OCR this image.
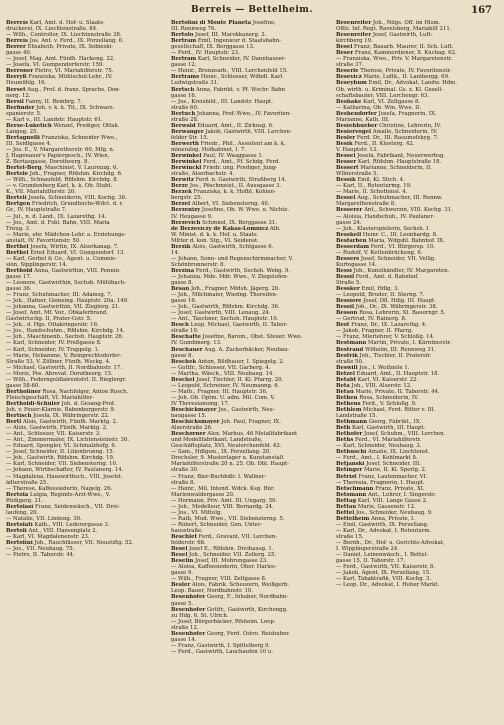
Berreis — Bettelheim.	167
Berreis Karl, Amt. d. Hof- u. Staats-
druckerei, IX. Liechtenstraße. 84.
— Wilh., Controllor, IX. Liechtenstraße 38.
Berreis Jos. Ant. v. Ferd., IX. Porzellang. 6.
Berrer Elisabeth, Private, IX. Sobieski-
gasse 40.
— Josef, Mag. Amt. Fünfh. Hackeng. 22.
— Josefa, VI. Gumpendorferstr. 159.
Berroner Pietro, VI. Mariahilferstr. 75.
Berryß Franziska, Mühlschul-Lehr., IV.
Heumühlg. 16.
Berset Aug., Prof. d. franz. Sprache, Don-
nerg. 12.
Bersil Fanny, II. Rembrg. 7.
Berfinder Joh. v. k. k. Tit., IX. Schwarz-
spanierstr. 5.
— Karl v., III. Landstr. Hauptstr. 61.
Berse-Luketich Wenzel, Prediger, Ottak.
Langeg. 25.
Bertagnolli Franziska, Schneider Wwe.,
III. Seidlgasse 4.
— Jos. E., V. Margaretherstr. 60, Mfg. n.
J. Hagenauer's Papiergesch., IV. Wien,
Z. Bertasgasse, Dorotheerg. 8.
Bertel-Berg, Maschinist, V. Laurenzg. 6.
Bertele Joh., Fragner, Rfdshm. Kirchdg. 6.
— Wilh., Schnaufeld, Rfdshm. Kirchdg. 8.
— v. Grundenberg Karl, k. k. Ob. Stabt.
K., VII. Mariahilferstr. 20.
Berteli Josefa, Schneiderin, VIII. Kochg. 36.
Bertgen Friedrich, Grundbuchs-Wdct. d. r.
Gr., IV. Hauptstraße 7.
— Jul., n. d. Land., IX. Lazarethg. 14.
— Jos., Amt. d. Fsbl. Bahn, VIII. Maria
Treug. 3.
— Marie, ehr. Mädchen-Lehr. a. Erziehungs-
anstalt, IV. Favoritenstr. 50.
Berthel Josefa, Wirtin, IX. Alserkanag. 7.
Berthel Ernst Eduard, VI. Gumpendorf. 13.
— Karl, Gerbel & Co., Agent. u. Commis-
sion, Sipplingerstr. 14.
Berthold Anna, Gastwirthin, VIII. Pennin-
gasse 17.
— Leonore, Gastwirthin, Sechsh. Mühlbach-
gasse 36.
— Franz, Schuhmacher, III. Adamsg. 7.
— Joh., Hafner, Gemeing. Hauptstr. 20a. 149.
— Johanna, Gastwirthin, VII. Zieglerg. 21.
— Josef, Amt. Mf. Vor., Obkaferbrand.
Gastwirtschg. II, Prater-Gstr. 5.
— Joh., d. Hgs. Ottakringerstr. 16.
— Jos., Handschuhm., Rfdshm. Kirchdg. 14.
— Joh., Maschinenb., Sechsh. Hauptstr. 26.
— Karl, Schneider, IV. Preßgasse 8.
— Karl, Schneider, IV. Trappelg. 1.
— Marie, Hebamme, V. Reinprechtsdorfer-
Straße 53, V. Zöllner, Fünfh. Wsckg. 4.
— Michael, Gastwirth, II. Nordbahnstr. 17.
— Moriz, Pos. Abrevat. Dorotheerg. 15.
— Wilh., Federngeldlairentstrl. II. Rieglergr.
gasse 58-60.
Bertholiner Rosa, Nachfolger, Anton Rosch,
Fleischgeschäft, VI. Mariahilfer-
Bertholdi-Schüler Joh. d. Gesang-Prof.
Joh. v. Feuer-Klarnie, Babenbergerstr. 9.
Bertisch Josefa, IX. Währingerstr. 22.
Bertl Alois, Gastwirth, Fünfh. Marktg. 2.
— Alois, Gastwirth, Fünfh. Marktg. 2.
— Ant., Schlosser, VII. Kaiserstr. 3.
— Ant., Zimmermaler, IX. Lichtensteinstr. 30.
— Eduard, Spengler, VI. Schmalzhofg. 6.
— Josef, Schneider, II. Lilienbrunng. 15.
— Joh., Gastwirth, Rfdshm. Kirchdg. 19.
— Karl, Schneider, VII. Siebensterng. 10.
— Johann, Wirthschafter, IV. Paulanerg. 14.
— Magdalena, Hauswirthsch., VIII. Josefst.
ädterstraße 25.
— Therese, Kaffeesiederin, Nagelg. 26.
Bertola Luigia, Regimts-Arzt-Wwe., V.
Rüdigerg. 21.
Bertolasi Franz, Seidenwäsch., VII. Drei-
laufeng. 20.
— Natalie, VII. Lindeng. 30.
Bertolati Kath., VIII. Lederergasse 3.
Bertoli Ant., VIII. Hansenplatz 2.
— Karl, VI. Magdalenenstr. 23.
Bertolini Joh., Rauchfässer, VII. Neustiftg. 52.
— Jos., VII. Neubaug. 75.
— Pietro, II. Taborstr. 44.
Bertolini di Monte Planeta Josefine,
III. Rennweg 76.
Bertolo Josef, III. Marokkanerg. 3.
Bertram Emil, Ingenieur d. Staatsbahn-
gesellschaft, IX. Berggasse 13.
— Ferd., IV. Hauptstr. 23.
Bertram Karl, Schneider, IV. Dannhauser-
gasse 12.
— Heinr., Bronzearb., VIII. Lerchenfeld 15.
Bertrams Heinr., Schlosser, Wdbdl. Karl.
Ludwigstraße 31.
Bertsch Anna, Fabrikt. v. Pf. Wschr. Bahn
gasse 16.
— Jos., Kreisbild., III. Landstr. Haupt.
straße 60.
Bertuch Johanna, Prof.-Wwe., IV. Favoriten-
straße 28.
Berwald Eduard, Amt., II. Zirkusg. 6.
Berwanger Jakob, Gastwirth, VIII. Lerchen-
felder Str. 15.
Berwerth Friedr., Phil., Assistent am k. k.
mineralog. Hofkabinet, I. 7.
Berwinkel Paul, IV. Waaggasse 1.
Berwinkel Ferd., Amt., Pf. Schdg. Ferd.
Berwinckl Friedr. ung. Prediger, Jung-
straße, Alserbachstr. 4.
Berwitz Ferd. n. Gastwirth, Straßberg 14.
Berze Jos., Pöschmeist., II. Aussgasse 3.
Berzek Franziska, k. k. Hofbl. Kohlen-
bergstr. 25.
Berzel Albert, VI. Siebensterng. 40.
Berzenizy Josefine, Ob. W. Wwe. u. Nichte.
IV. Heugasse 9.
Berzevich Schmied, IX. Berggasse 31.
de Berzeviczy de Kakas-Lomnicz Alb.
W. Minist. d. k. k. Hof. u. Staats.
Mitter d. kon. Stg., VI. Seidenst.
Berzik Alois, Gastwirth, Schtgasse 6.
14.
— Johann, Sonn- und Regenschirmmacher, V.
Schönbrunnerstr. 8.
Berzina Ferd., Gastwirth, Sechsh. Webg. 9.
— Johanna, Mde. Mdr. Wwe., V. Ziegelofen-
gasse 8.
Besan Joh., Fragner, Mfdsh. Jägerg. 20.
— Joh., Milchmaier, Wiedng. Thereifen-
gasse 16.
— Joh., Gastwirth, Rfdshm. Kirchdg. 36.
— Josef, Gastwirth, VIII. Lenaug. 24.
— Ant., Taschner, Sechsh. Hauptstr. 10.
Besch Leop. Michael, Gastwirth, II. Tabor-
straße 19.
Beschatte Josefine, Barom., Obst. Steuer. Wwe.
IV. Gumbmerg. 13.
Beschauer Aug. A. Zuckerbäcker, Neubau-
gasse 8.
Beschek Anton, Bildhauer, I. Spiegelg. 2.
— Gottfr., Schlosser, VII. Garberg. 4.
— Martha, Wäsch., VIII. Neubaug. 14.
Beschel Josef, Tischler, II. Kl. Pfarrg. 20.
— Leopold, Schreiner, IV. Neumanng. 6.
— Math., Fragner, III. Hauptstr. 36.
— Joh. Ob. Optm. U. adm. Mil. Com. V.
IV Theresianumg. 17.
Beschickmayer Jos., Gastwirth, Neu-
baugasse 15.
Beschicksmayer Joh. Paul, Fragner, IX.
Alserstraße 26.
Beschorner Alex. Markus, 46 Metallfabrikant
und Modellfabrikant, Landstraße,
Geschäftsplatz, XVI. Neulerchenfeld. 42.
— Sam., Hdlgsm., IX. Porzellang. 20.
Drechsler, 9. Musterlager u. Kunstanstalt
Mariahilferstraße 20 n. 25. Ob. Dbl. Haupt-
straße 30.
— Franz, Bier-Buchhdlr. I. Wallner-
straße 8.
— Heinr., Mil. Intend. Wdck. Ksg. Bür.
Marienwaldergasse 20.
— Hermann, Priv. Amt. III. Ungarg. 50.
— Joh., Modelleur, VIII. Bernardg. 24.
— Jos., VI. Mittelg.
— Rath, Mud. Wwe., VII. Siebensterng. 5.
— Robert, Schneider, Gen. Unter-
hausstraße.
Beschlet Ferd., Gravant, VII. Lerchen-
felderstr. 68.
Besel Josef E., Rfdshm. Dreihausg. 1.
Besel Joh., Schneider, VII. Zollerg. 25.
Beselin Josef, III. Mohrengasse 23.
— Aloisa, Kaffeesiederin, Ober. Harles-
gasse 9.
— Wilh., Fragner, VIII. Zeltgasse 8.
Besler Alois, Fabrik. Scheuzern, Weißgerb.
Leop. Bauer, Nordbahnstr. 10.
Besenhofer Georg, F., Inhaber, Nordbahn-
gasse 5.
Besenhofer Gottfr., Gastwirth, Kirchengg.
zu Hdg. 6, St. Ulrich.
— Josef, Bürgerbäcker, Rfsheim. Leop.
straße 12.
Besenhofer Georg, Ferd. Ostro. Reishuber.
gasse 14.
— Franz, Gastwirth, I. Spittelberg 9.
— Ferd., Gastwirth, Lauchaufen 10 u.
Besenreiter Joh., Ndgs. Off. im Hlsm.
Offiz. Inf. Regt. Ravelsberg, Mariahilf 211.
Besenreiter Josef, Gastwirth, Luft-
kirchberg 19.
Besel Franz, Bauarb. Maurer, II. Sch. Luft.
Beser Franz, Kammerdiener, X. Kuchag. 62.
— Franziska, Wwe., Priv. V. Margaretenstr.
straße 37.
Beserle Therese, Private, IV. Favoritenstr.
Besevicz Marie, Luftk., II. Lambergg. 69.
Beseyhum Emil, Dr., Advokat, Landw. Hdm.
Ob. wirth. u. Kriminal. Gs. z. Kl. Gesell-
schaftsbauter, VIII. Lerchengr. 63.
Beshake Karl, VI. Zeltgasse 8.
— Katharina, Öb. Wm. Wwe. II.
Beshendorfer Josefa, Fragnerin, IX.
Marianne, Kath. III.
Besiehhueber Christine, Lehrerin, IV.
Besiervogel Amalie, Schneiderin, IV.
Besler Ferd. Dr., III. Rasumofskyg. 7.
Besik Ferd., II. Klosterg. 42.
V. Hauptstr. 13.
Bessel Josefa, Fabrikant, Neuerwerbsg.
Besser Karl, Rfdshm. Hauptstraße 18.
Bessert Marianne, Schneiderin, II.
Wllnerstraße 5.
Bessik Emil, Kl. Stich. 4.
— Karl, II., Rotenturmg. 19.
— Marie, II. Schottensl. 4.
Bessel Aug., Schuhmacher, III. Rennw.
Margarethenstraße 8.
Besserer Ant., Schwerzin, VIII. Kochg. 31.
— Aloisia, Handschuh., IV. Paulaner-
gasse 24.
— Joh., Klavierspielerin, Sechsh. I.
Besskell Heinr. C., III. Leonhardg. 8.
Besfarben Maria, Wdgsbl. Bahnhof. IX.
Besserdam Ferd., VI. Bürgersp. 10.
— Rudolf, V. Kettenbrückeng. 6.
Bessers Josef, Schneider, VII. Vellig.
Kurtogasse 14.
Bessi Joh., Kunsthändler, IV. Margareten.
Bessil Ferd., Amt. d. Bahnhof.
Straße 5.
Bessker Emil, Hdlg. 3.
— Leopold, Bruder, II. Sterng. 7.
Bessiere Josef, Dfl. Hdlg. III. Haupt.
Bessil Joh., Dr., IX. Währingerstr. 38.
Besson Rosa, Lehrerin, XI. Bauerngr. 5.
— Gertrud, IV. Rainerg. 8.
Best Franz, Dr., IX. Lazarethg. 4.
— Jakob, Fragner, II. Pfarrg.
— Franz, Mlerlehrer, V. Schloßg. 14.
Bestmann Martin, Private, I. Kärntnerstr.
Bestrand Wilhelm, III. Rennweg 31.
Bestrik Joh., Tischler, II. Pratersfr.
straße 50.
Beswill Jos., I. Wolfzeile 1.
Betzel Eduard, Amt., II. Hauptstr. 18.
Betabt Karl, VI. Kaiserstr. 22.
Beta Joh., VIII. Alserstr. 12.
Betau Marie, Private, II. Taborstr. 44.
Bethen Rosa, Schneiderin, IV.
Bethens Ferd., V. Schloßg. 9.
Bethlem Michael, Ferd. Ritter v. III.
Landstraße 15.
Bethmann Georg, Fabrikt., IX.
Beth Karl, Gastwirth, III. Haupt.
Bethofer Josef, Schuhm., VIII. Lerchen.
Beths Ferd., VI. Mariahilferstr.
— Karl, Schneider, Neubaug. 3.
Bethuschi Amalie, IX. Liechtenst.
— Ferd., Amt., I. Kohlmarkt 8.
Betjanski Josef, Schneider, III.
Betinger Marie, II. Kl. Sperlg. 2.
Betrist Franz, Lautenmacher, VI.
— Theresia, Fragnerin, I. Haupt.
Betschmann Franz, Private, XI.
Betsmann Ant., Lehrer, I. Singerstr.
Bettag Karl, VIII. Lange Gasse 2.
Bettau Marie, Gassenstr. 12.
Bettel Jos., Schneider, Neubaug. 9.
Bettelheim Anna, Private, I.
— Emil, Gastwirth, IX. Porzellang.
— Karl, Dr., Advokat, I. Rotenturm.
straße 15.
— Bernh., Dr., Hof- u. Gerichts-Advokat,
I. Wipplingerstraße 24.
— Daniel, Leinenwäsch., I. Bettel-
gasse 15, II. Taborstr. 17.
— Ferd., Gastwirth, VII. Kaiserstr. 8.
— Jakob, Agent, IX. Porzellang. 15.
— Karl, Tabaktrafik, VIII. Kochg. 3.
— Leop. Dr., Advokat, I. Hoher Markt.
